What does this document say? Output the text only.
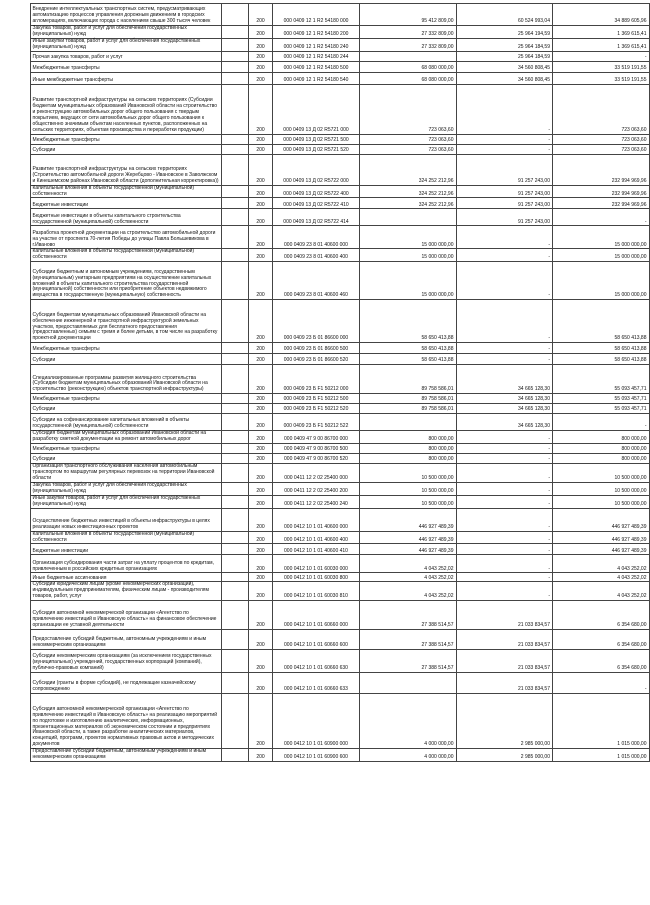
Внедрение интеллектуальных транспортных систем, предусматривающих автоматизацию процессов управления дорожным движением в городских агломерациях, включающих города с населением свыше 300 тысяч человек		200	000 0409 12 1 R2 54180 000	95 412 809,00	60 524 993,04	34 889 605,96
Закупка товаров, работ и услуг для обеспечения государственных (муниципальных) нужд		200	000 0409 12 1 R2 54180 200	27 332 809,00	25 964 194,59	1 369 615,41
Иные закупки товаров, работ и услуг для обеспечения государственных (муниципальных) нужд		200	000 0409 12 1 R2 54180 240	27 332 809,00	25 964 184,59	1 369 615,41
Прочая закупка товаров, работ и услуг		200	000 0409 12 1 R2 54180 244		25 964 184,59	-
Межбюджетные трансферты		200	000 0409 12 1 R2 54180 500	68 080 000,00	34 560 808,45	33 519 191,55
Иные межбюджетные трансферты		200	000 0409 12 1 R2 54180 540	68 080 000,00	34 560 808,45	33 519 191,55
Развитие транспортной инфраструктуры на сельских территориях (Субсидии бюджетам муниципальных образований Ивановской области на строительство и реконструкцию автомобильных дорог общего пользования с твердым покрытием, ведущих от сети автомобильных дорог общего пользования к общественно значимым объектам населенных пунктов, расположенных на сельских территориях, объектам производства и переработки продукции)		200	000 0409 13 Д 02 R5721 000	723 063,60	-	723 063,60
Межбюджетные трансферты		200	000 0409 13 Д 02 R5721 500	723 063,60	-	723 063,60
Субсидии		200	000 0409 13 Д 02 R5721 520	723 063,60	-	723 063,60
Развитие транспортной инфраструктуры на сельских территориях (Строительство автомобильной дороги Жеребцово - Ивановское в Заволжском и Кинешемском районах Ивановской области (дополнительная корректировка))		200	000 0409 13 Д 02 R5722 000	324 252 212,96	91 257 243,00	232 994 969,96
Капитальные вложения в объекты государственной (муниципальной) собственности		200	000 0409 13 Д 02 R5722 400	324 252 212,96	91 257 243,00	232 994 969,96
Бюджетные инвестиции		200	000 0409 13 Д 02 R5722 410	324 252 212,96	91 257 243,00	232 994 969,96
Бюджетные инвестиции в объекты капитального строительства государственной (муниципальной) собственности		200	000 0409 13 Д 02 R5722 414		91 257 243,00	-
Разработка проектной документации на строительство автомобильной дороги на участке от проспекта 70-летия Победы до улицы Павла Большевикова в г.Иваново		200	000 0409 23 8 01 40600 000	15 000 000,00	-	15 000 000,00
Капитальные вложения в объекты государственной (муниципальной) собственности		200	000 0409 23 8 01 40600 400	15 000 000,00	-	15 000 000,00
Субсидии бюджетным и автономным учреждениям, государственным (муниципальным) унитарным предприятиям на осуществление капитальных вложений в объекты капитального строительства государственной (муниципальной) собственности или приобретение объектов недвижимого имущества в государственную (муниципальную) собственность		200	000 0409 23 8 01 40600 460	15 000 000,00	-	15 000 000,00
Субсидия бюджетам муниципальных образований Ивановской области на обеспечение инженерной и транспортной инфраструктурой земельных участков, предоставляемых для бесплатного предоставления (предоставленных) семьям с тремя и более детьми, в том числе на разработку проектной документации		200	000 0409 23 Б 01 86600 000	58 650 413,88	-	58 650 413,88
Межбюджетные трансферты		200	000 0409 23 Б 01 86600 500	58 650 413,88	-	58 650 413,88
Субсидии		200	000 0409 23 Б 01 86600 520	58 650 413,88	-	58 650 413,88
Специализированные программы развития жилищного строительства (Субсидии бюджетам муниципальных образований Ивановской области на строительство (реконструкцию) объектов транспортной инфраструктуры)		200	000 0409 23 Б F1 50212 000	89 758 586,01	34 665 128,30	55 093 457,71
Межбюджетные трансферты		200	000 0409 23 Б F1 50212 500	89 758 586,01	34 665 128,30	55 093 457,71
Субсидии		200	000 0409 23 Б F1 50212 520	89 758 586,01	34 665 128,30	55 093 457,71
Субсидии на софинансирование капитальных вложений в объекты государственной (муниципальной) собственности		200	000 0409 23 Б F1 50212 522		34 665 128,30	-
Субсидия бюджетам муниципальных образований Ивановской области на разработку сметной документации на ремонт автомобильных дорог		200	000 0409 47 9 00 86700 000	800 000,00	-	800 000,00
Межбюджетные трансферты		200	000 0409 47 9 00 86700 500	800 000,00	-	800 000,00
Субсидии		200	000 0409 47 9 00 86700 520	800 000,00	-	800 000,00
Организация транспортного обслуживания населения автомобильным транспортом по маршрутам регулярных перевозок на территории Ивановской области		200	000 0411 12 2 02 25400 000	10 500 000,00	-	10 500 000,00
Закупка товаров, работ и услуг для обеспечения государственных (муниципальных) нужд		200	000 0411 12 2 02 25400 200	10 500 000,00	-	10 500 000,00
Иные закупки товаров, работ и услуг для обеспечения государственных (муниципальных) нужд		200	000 0411 12 2 02 25400 240	10 500 000,00	-	10 500 000,00
Осуществление бюджетных инвестиций в объекты инфраструктуры в целях реализации новых инвестиционных проектов		200	000 0412 10 1 01 40600 000	446 927 489,39	-	446 927 489,39
Капитальные вложения в объекты государственной (муниципальной) собственности		200	000 0412 10 1 01 40600 400	446 927 489,39	-	446 927 489,39
Бюджетные инвестиции		200	000 0412 10 1 01 40600 410	446 927 489,39	-	446 927 489,39
Организация субсидирования части затрат на уплату процентов по кредитам, привлеченным в российских кредитных организациях		200	000 0412 10 1 01 60030 000	4 043 252,02	-	4 043 252,02
Иные бюджетные ассигнования		200	000 0412 10 1 01 60030 800	4 043 252,02	-	4 043 252,02
Субсидии юридическим лицам (кроме некоммерческих организаций), индивидуальным предпринимателям, физическим лицам - производителям товаров, работ, услуг		200	000 0412 10 1 01 60030 810	4 043 252,02	-	4 043 252,02
Субсидия автономной некоммерческой организации «Агентство по привлечению инвестиций в Ивановскую область» на финансовое обеспечение организации ее уставной деятельности		200	000 0412 10 1 01 60660 000	27 388 514,57	21 033 834,57	6 354 680,00
Предоставление субсидий бюджетным, автономным учреждениям и иным некоммерческим организациям		200	000 0412 10 1 01 60660 600	27 388 514,57	21 033 834,57	6 354 680,00
Субсидии некоммерческим организациям (за исключением государственных (муниципальных) учреждений, государственных корпораций (компаний), публично-правовых компаний)		200	000 0412 10 1 01 60660 630	27 388 514,57	21 033 834,57	6 354 680,00
Субсидии (гранты в форме субсидий), не подлежащие казначейскому сопровождению		200	000 0412 10 1 01 60660 633		21 033 834,57	-
Субсидия автономной некоммерческой организации «Агентство по привлечению инвестиций в Ивановскую область» на реализацию мероприятий по подготовке и изготовлению аналитических, информационных, презентационных материалов об экономическом состоянии и предприятиях Ивановской области, а также разработке аналитических материалов, концепций, программ, проектов нормативных правовых актов и методических документов		200	000 0412 10 1 01 60900 000	4 000 000,00	2 985 000,00	1 015 000,00
Предоставление субсидий бюджетным, автономным учреждениям и иным некоммерческим организациям		200	000 0412 10 1 01 60900 600	4 000 000,00	2 985 000,00	1 015 000,00
